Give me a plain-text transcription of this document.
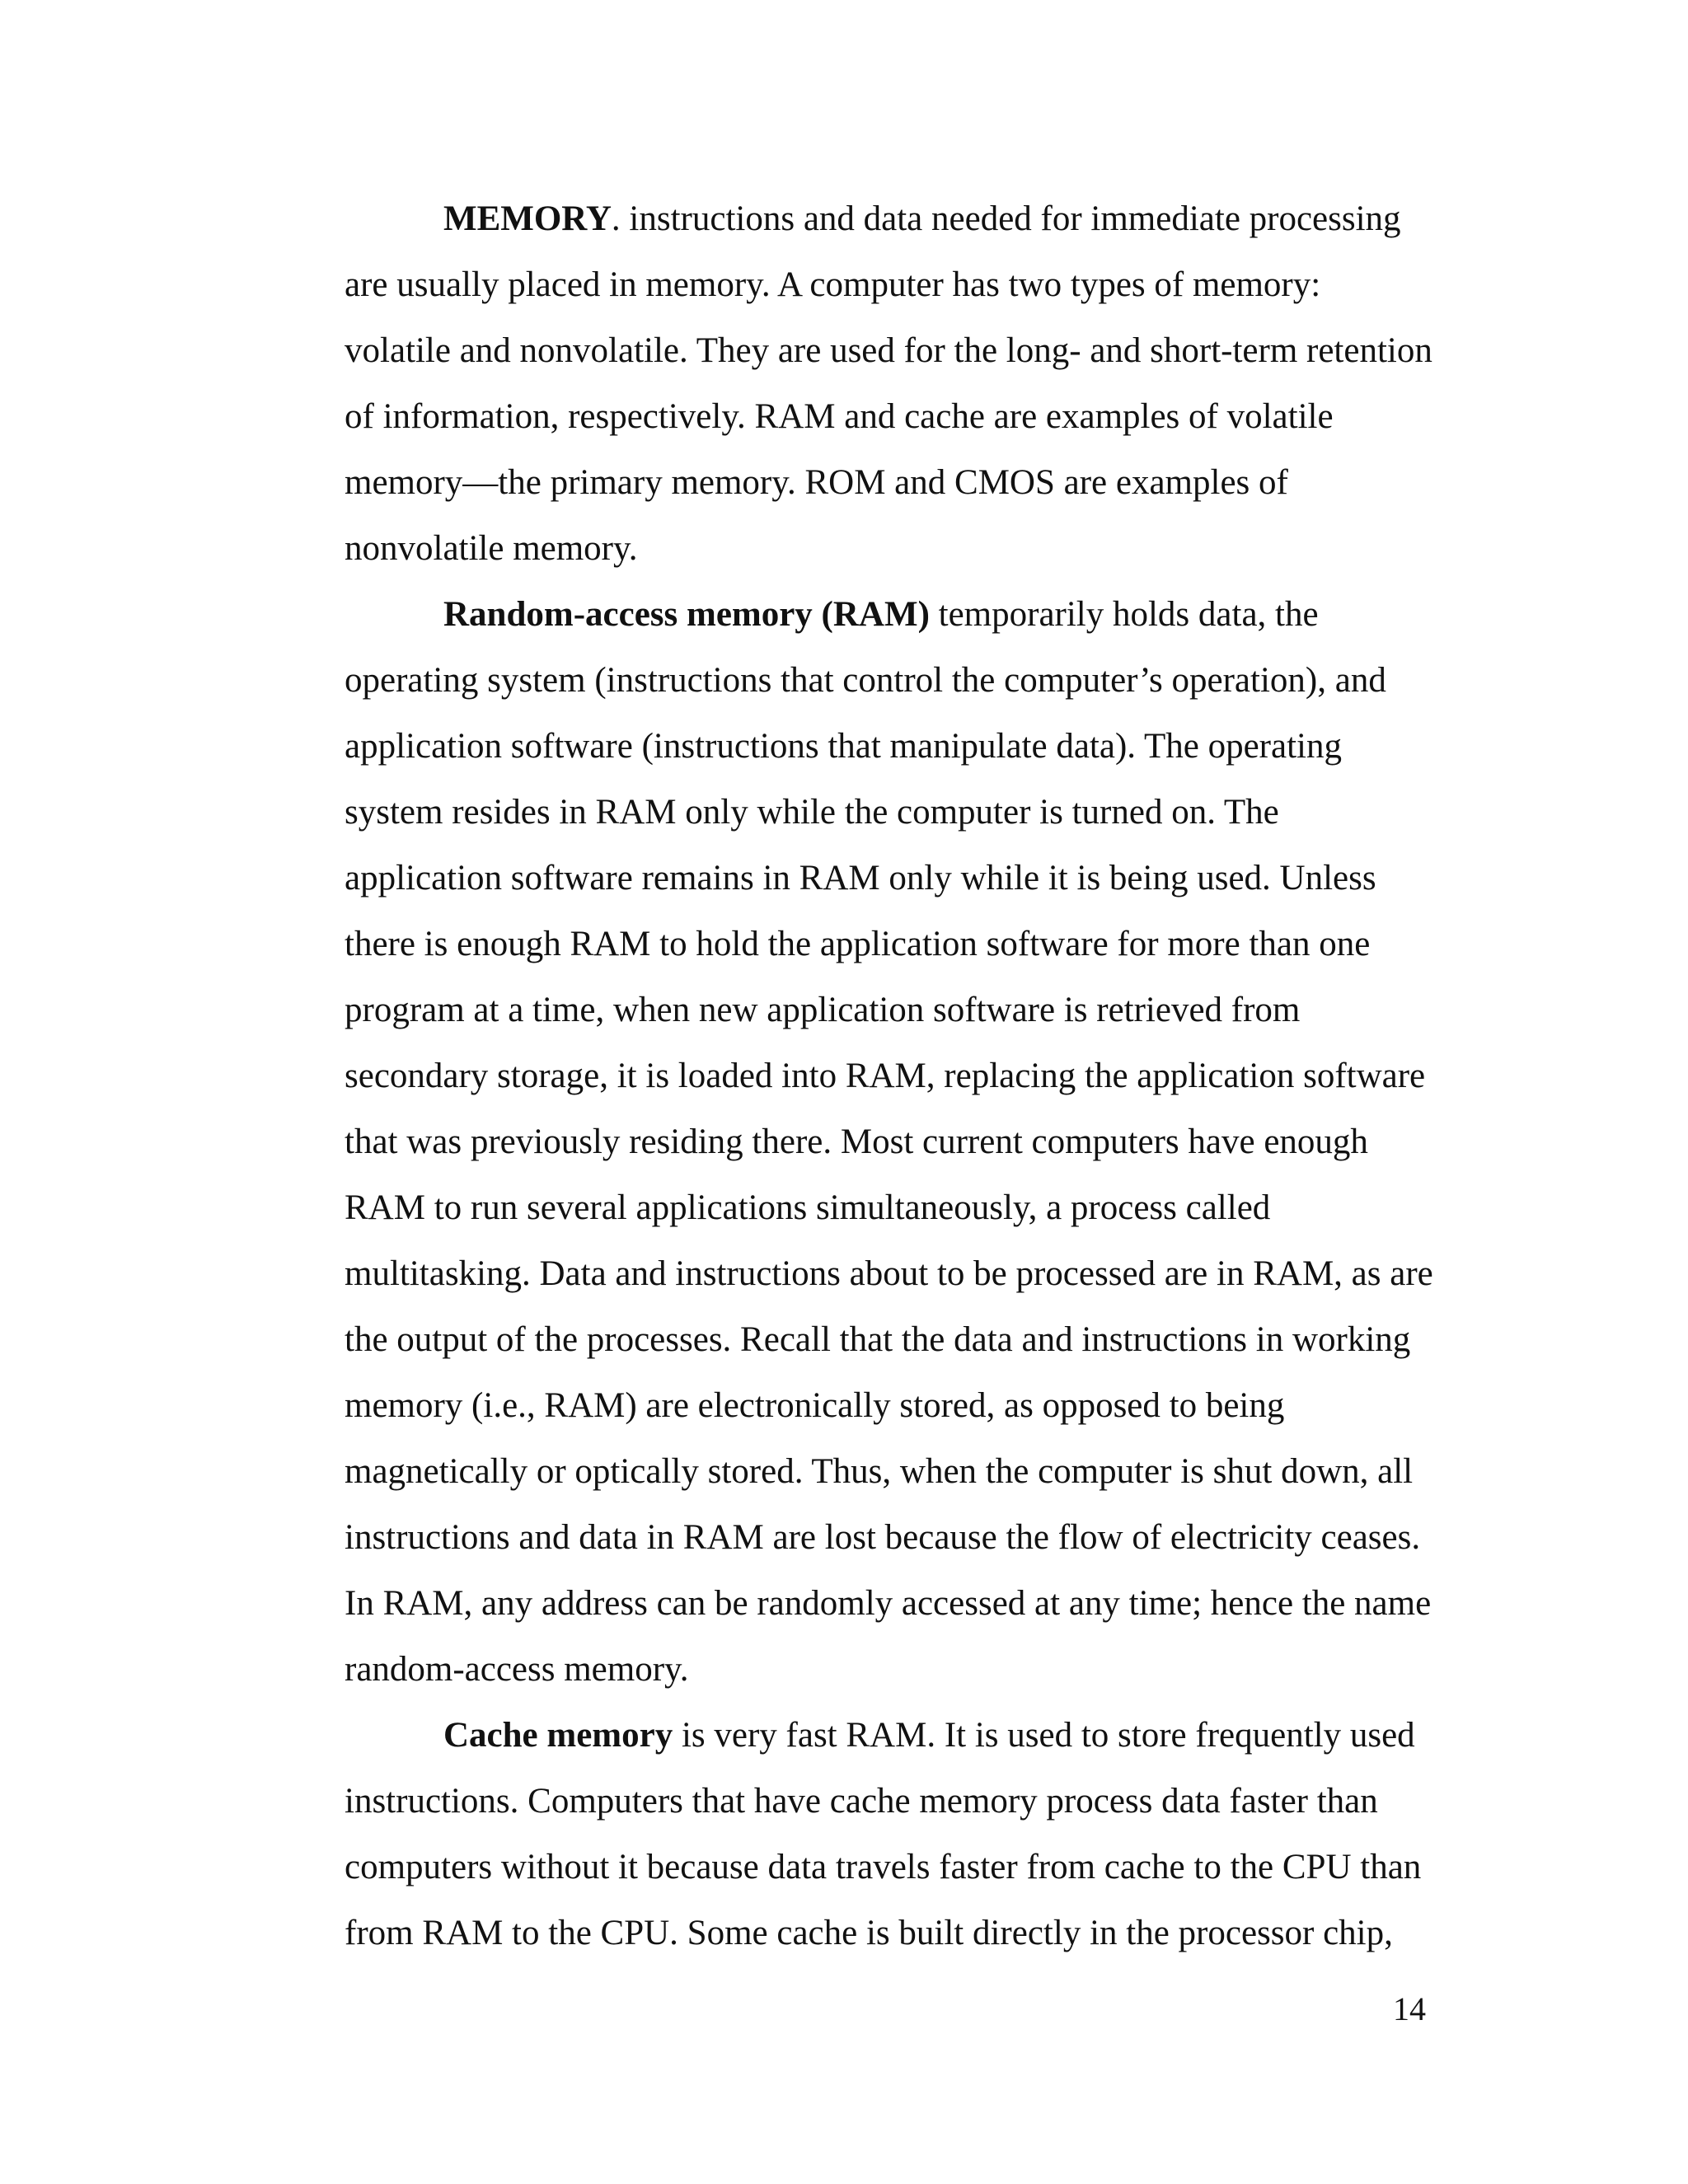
MEMORY. instructions and data needed for immediate processing
are usually placed in memory. A computer has two types of memory:
volatile and nonvolatile. They are used for the long- and short-term retention
of information, respectively. RAM and cache are examples of volatile
memory—the primary memory. ROM and CMOS are examples of
nonvolatile memory.

Random-access memory (RAM) temporarily holds data, the
operating system (instructions that control the computer’s operation), and
application software (instructions that manipulate data). The operating
system resides in RAM only while the computer is turned on. The
application software remains in RAM only while it is being used. Unless
there is enough RAM to hold the application software for more than one
program at a time, when new application software is retrieved from
secondary storage, it is loaded into RAM, replacing the application software
that was previously residing there. Most current computers have enough
RAM to run several applications simultaneously, a process called
multitasking. Data and instructions about to be processed are in RAM, as are
the output of the processes. Recall that the data and instructions in working
memory (i.e., RAM) are electronically stored, as opposed to being
magnetically or optically stored. Thus, when the computer is shut down, all
instructions and data in RAM are lost because the flow of electricity ceases.
In RAM, any address can be randomly accessed at any time; hence the name
random-access memory.

Cache memory is very fast RAM. It is used to store frequently used
instructions. Computers that have cache memory process data faster than
computers without it because data travels faster from cache to the CPU than
from RAM to the CPU. Some cache is built directly in the processor chip,

14
